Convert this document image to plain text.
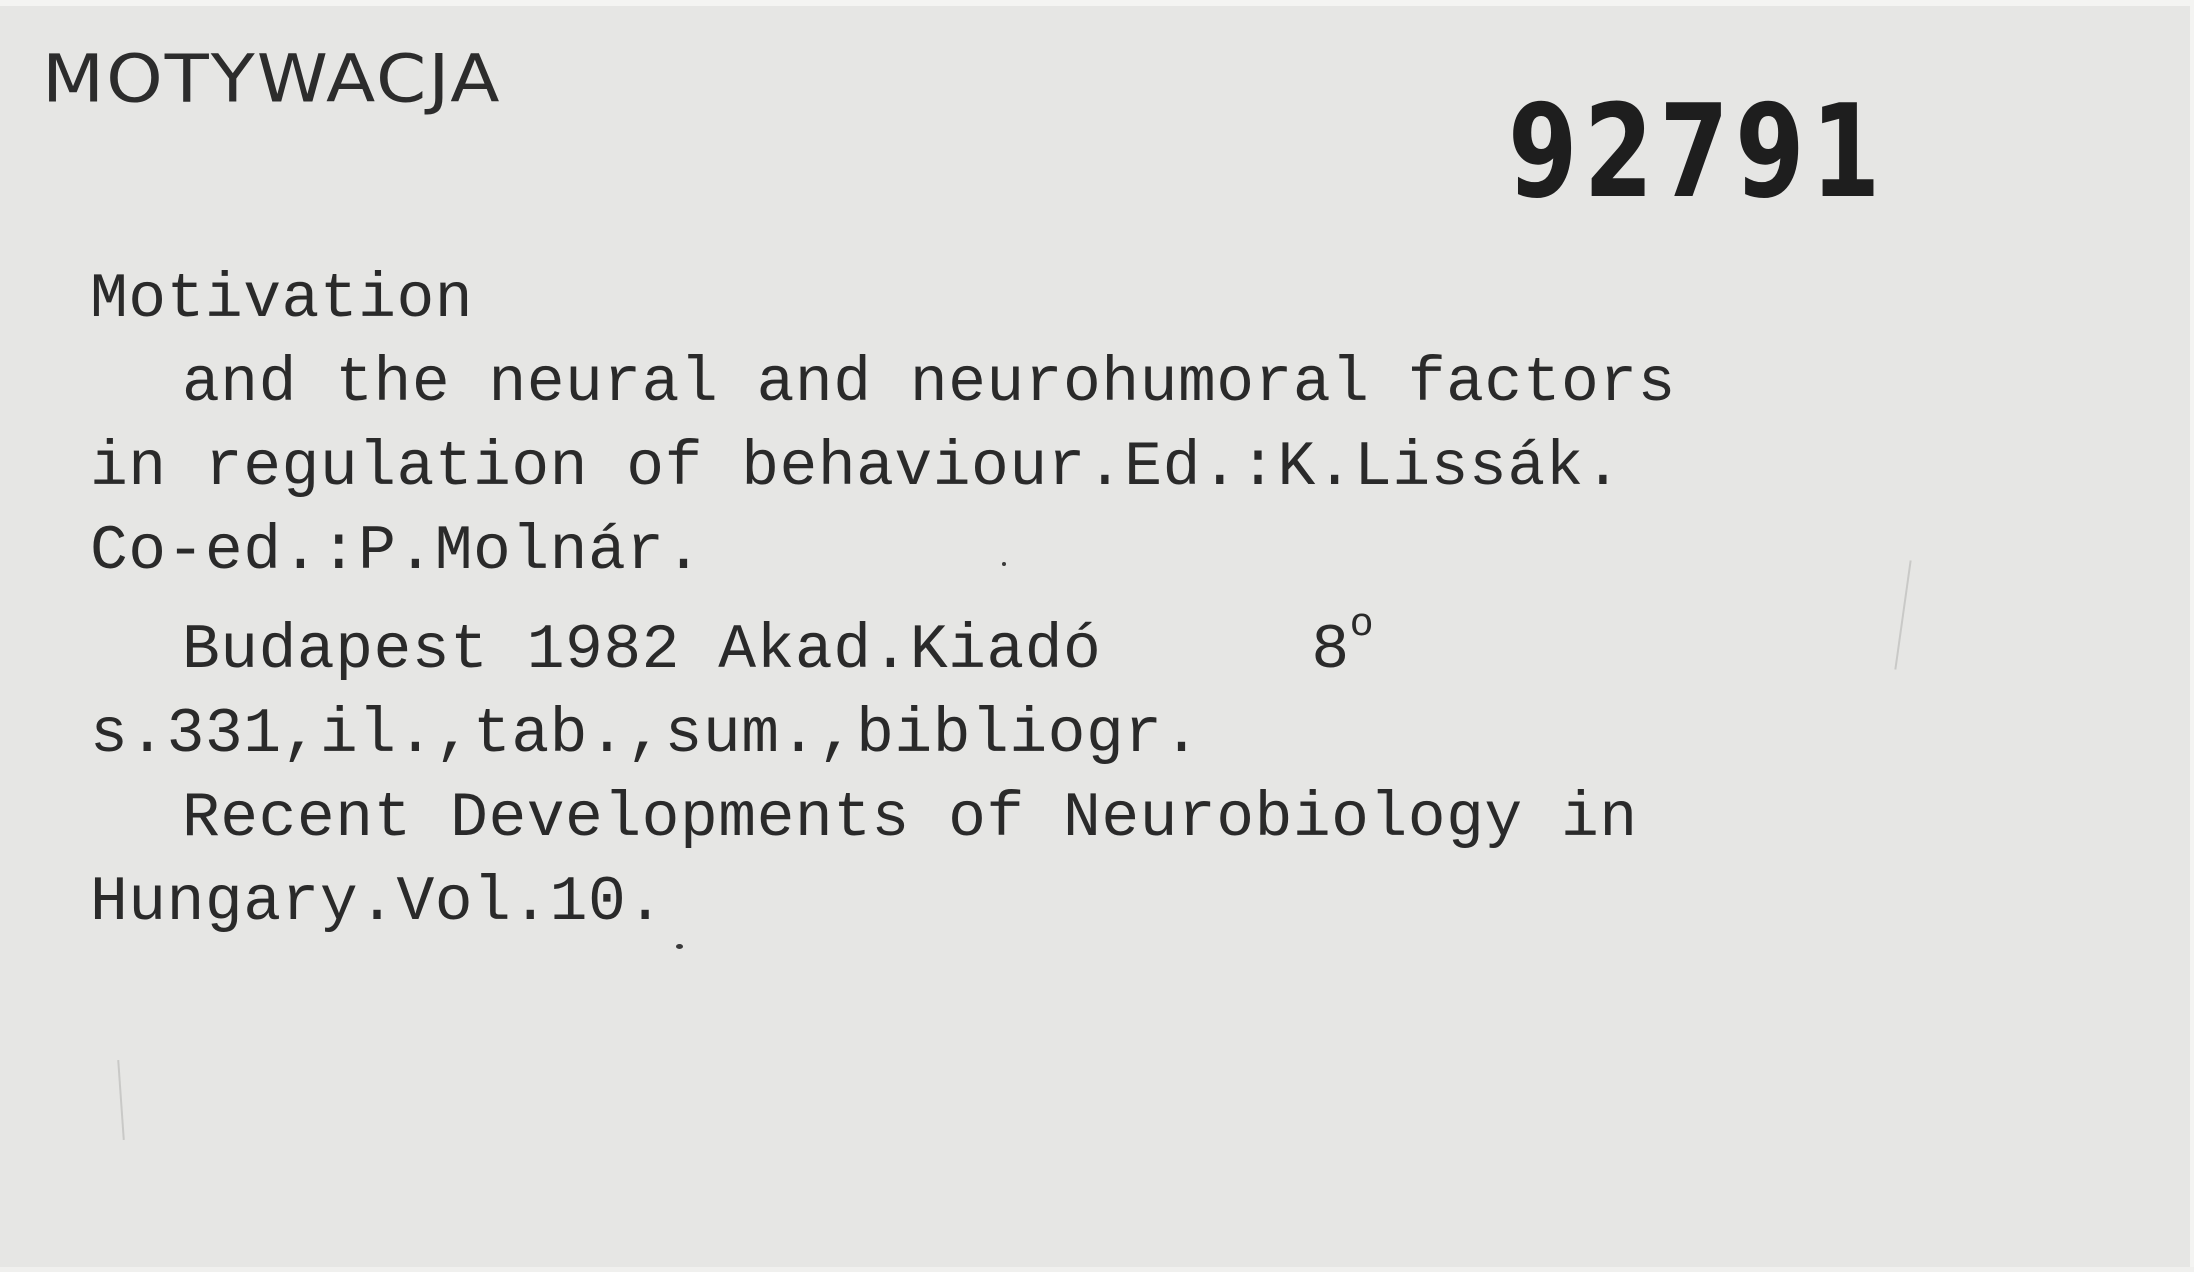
MOTYWACJA	92791
Motivation
and the neural and neurohumoral factors
in regulation of behaviour.Ed.:K.Lissák.
Co-ed.:P.Molnár.
Budapest 1982 Akad.Kiadó	8$^o$
s.331,il.,tab.,sum.,bibliogr.
Recent Developments of Neurobiology in
Hungary.Vol.10.
